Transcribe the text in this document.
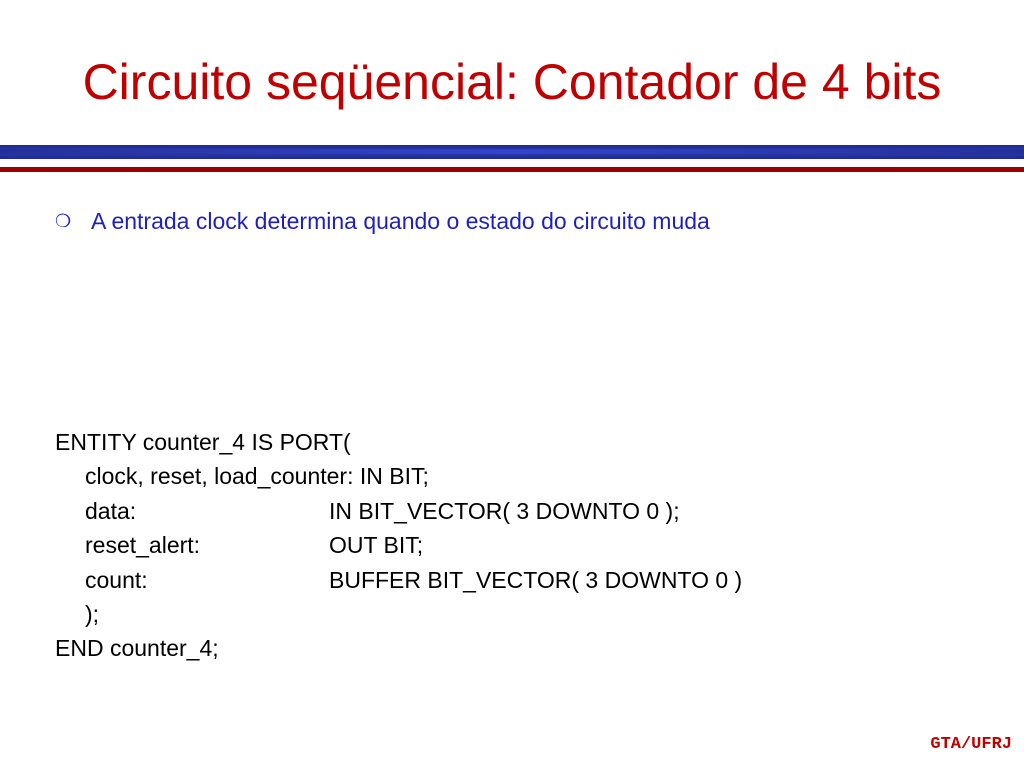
Circuito seqüencial: Contador de 4 bits
❍ A entrada clock determina quando o estado do circuito muda
ENTITY counter_4 IS PORT(
clock, reset, load_counter: IN BIT;
data:	IN BIT_VECTOR( 3 DOWNTO 0 );
reset_alert:	OUT BIT;
count:	BUFFER BIT_VECTOR( 3 DOWNTO 0 )
);
END counter_4;
GTA/UFRJ
